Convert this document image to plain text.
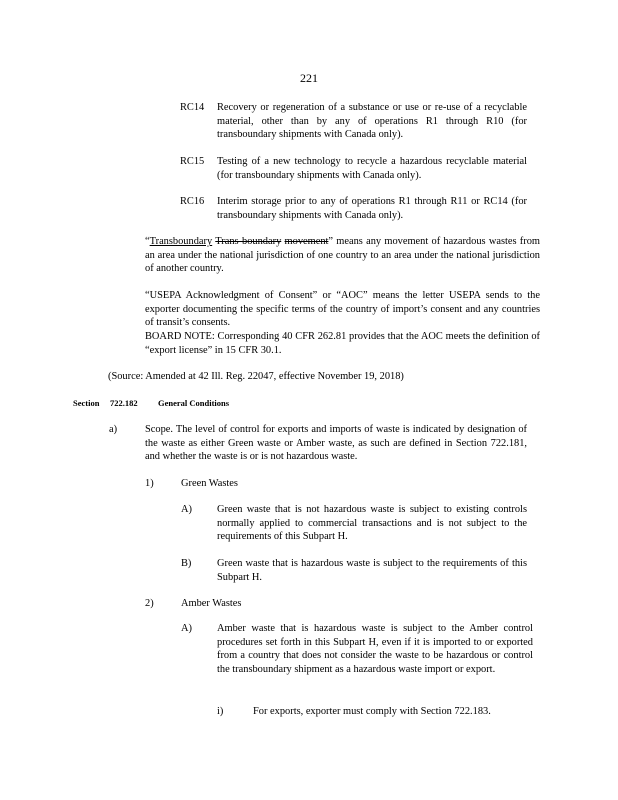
221
RC14	Recovery or regeneration of a substance or use or re-use of a recyclable material, other than by any of operations R1 through R10 (for transboundary shipments with Canada only).
RC15	Testing of a new technology to recycle a hazardous recyclable material (for transboundary shipments with Canada only).
RC16	Interim storage prior to any of operations R1 through R11 or RC14 (for transboundary shipments with Canada only).
“Transboundary Trans-boundary movement” means any movement of hazardous wastes from an area under the national jurisdiction of one country to an area under the national jurisdiction of another country.
“USEPA Acknowledgment of Consent” or “AOC” means the letter USEPA sends to the exporter documenting the specific terms of the country of import’s consent and any countries of transit’s consents.
BOARD NOTE: Corresponding 40 CFR 262.81 provides that the AOC meets the definition of “export license” in 15 CFR 30.1.
(Source: Amended at 42 Ill. Reg. 22047, effective November 19, 2018)
Section 722.182 General Conditions
a)	Scope. The level of control for exports and imports of waste is indicated by designation of the waste as either Green waste or Amber waste, as such are defined in Section 722.181, and whether the waste is or is not hazardous waste.
1)	Green Wastes
A) Green waste that is not hazardous waste is subject to existing controls normally applied to commercial transactions and is not subject to the requirements of this Subpart H.
B) Green waste that is hazardous waste is subject to the requirements of this Subpart H.
2)	Amber Wastes
A) Amber waste that is hazardous waste is subject to the Amber control procedures set forth in this Subpart H, even if it is imported to or exported from a country that does not consider the waste to be hazardous or control the transboundary shipment as a hazardous waste import or export.
i)	For exports, exporter must comply with Section 722.183.
